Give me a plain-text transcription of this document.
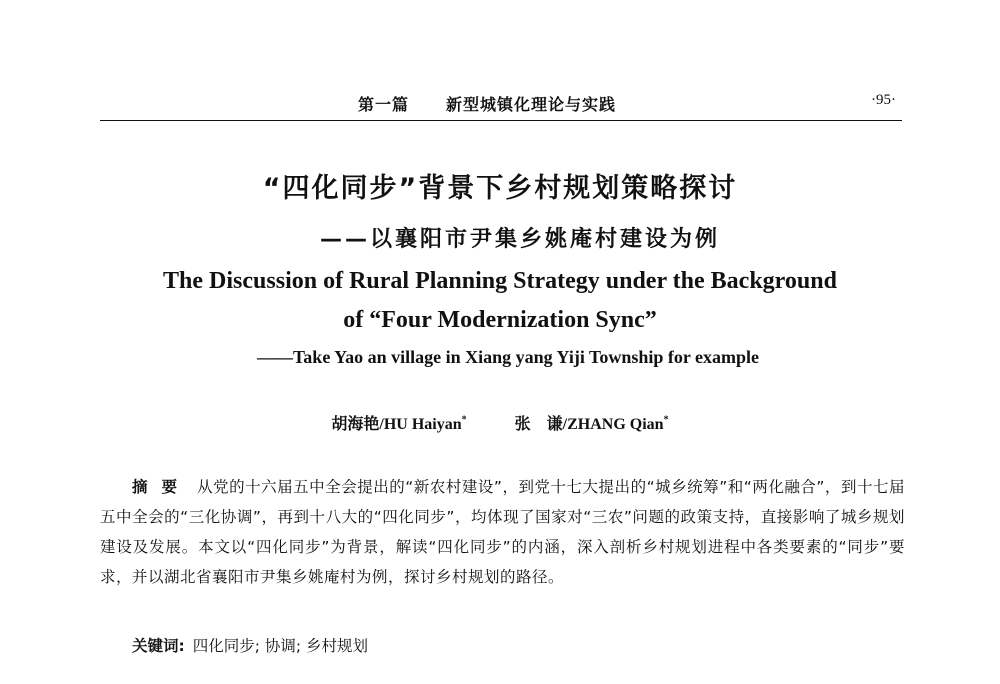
第一篇 新型城镇化理论与实践	·95·
“四化同步”背景下乡村规划策略探讨
——以襄阳市尹集乡姚庵村建设为例
The Discussion of Rural Planning Strategy under the Background
of “Four Modernization Sync”
——Take Yao an village in Xiang yang Yiji Township for example
胡海艳/HU Haiyan*	张　谦/ZHANG Qian*
摘要 从党的十六届五中全会提出的“新农村建设”，到党十七大提出的“城乡统筹”和“两化融合”，到十七届五中全会的“三化协调”，再到十八大的“四化同步”，均体现了国家对“三农”问题的政策支持，直接影响了城乡规划建设及发展。本文以“四化同步”为背景，解读“四化同步”的内涵，深入剖析乡村规划进程中各类要素的“同步”要求，并以湖北省襄阳市尹集乡姚庵村为例，探讨乡村规划的路径。
关键词: 四化同步; 协调; 乡村规划
